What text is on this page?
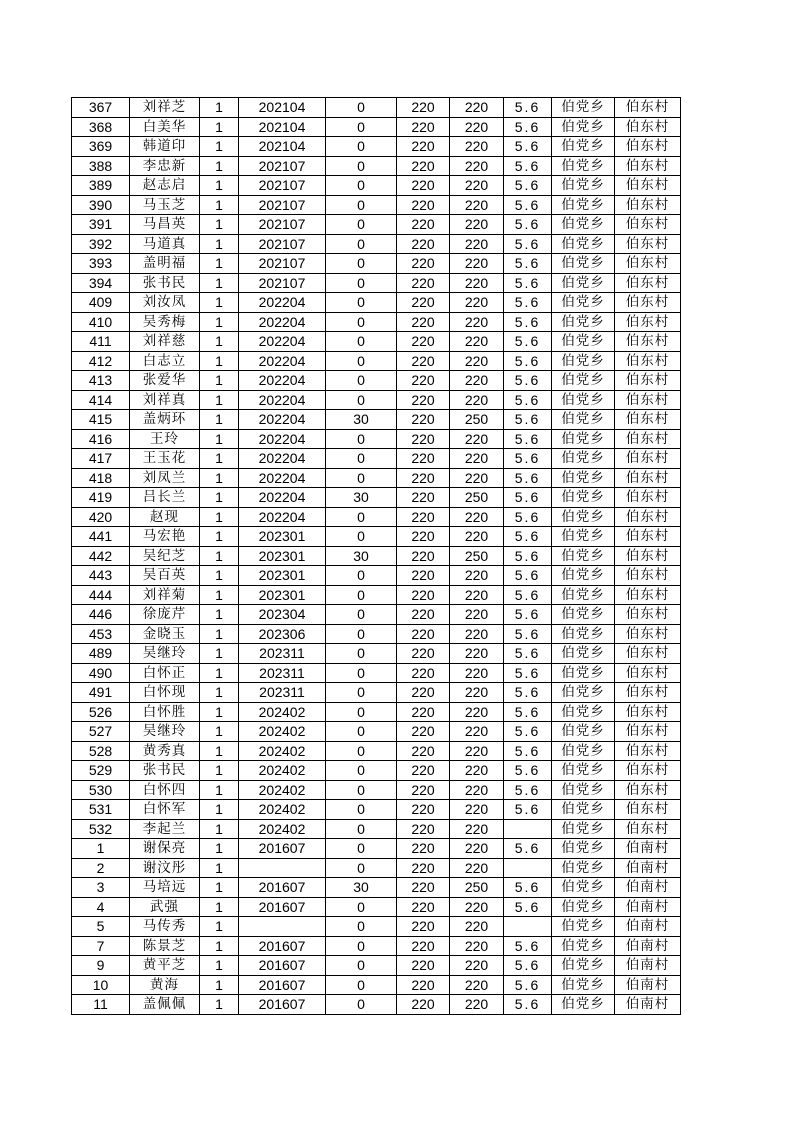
367	刘祥芝	1	202104	0	220	220	5.6	伯党乡	伯东村
368	白美华	1	202104	0	220	220	5.6	伯党乡	伯东村
369	韩道印	1	202104	0	220	220	5.6	伯党乡	伯东村
388	李忠新	1	202107	0	220	220	5.6	伯党乡	伯东村
389	赵志启	1	202107	0	220	220	5.6	伯党乡	伯东村
390	马玉芝	1	202107	0	220	220	5.6	伯党乡	伯东村
391	马昌英	1	202107	0	220	220	5.6	伯党乡	伯东村
392	马道真	1	202107	0	220	220	5.6	伯党乡	伯东村
393	盖明福	1	202107	0	220	220	5.6	伯党乡	伯东村
394	张书民	1	202107	0	220	220	5.6	伯党乡	伯东村
409	刘汝凤	1	202204	0	220	220	5.6	伯党乡	伯东村
410	吴秀梅	1	202204	0	220	220	5.6	伯党乡	伯东村
411	刘祥慈	1	202204	0	220	220	5.6	伯党乡	伯东村
412	白志立	1	202204	0	220	220	5.6	伯党乡	伯东村
413	张爱华	1	202204	0	220	220	5.6	伯党乡	伯东村
414	刘祥真	1	202204	0	220	220	5.6	伯党乡	伯东村
415	盖炳环	1	202204	30	220	250	5.6	伯党乡	伯东村
416	王玲	1	202204	0	220	220	5.6	伯党乡	伯东村
417	王玉花	1	202204	0	220	220	5.6	伯党乡	伯东村
418	刘凤兰	1	202204	0	220	220	5.6	伯党乡	伯东村
419	吕长兰	1	202204	30	220	250	5.6	伯党乡	伯东村
420	赵现	1	202204	0	220	220	5.6	伯党乡	伯东村
441	马宏艳	1	202301	0	220	220	5.6	伯党乡	伯东村
442	吴纪芝	1	202301	30	220	250	5.6	伯党乡	伯东村
443	吴百英	1	202301	0	220	220	5.6	伯党乡	伯东村
444	刘祥菊	1	202301	0	220	220	5.6	伯党乡	伯东村
446	徐庞芹	1	202304	0	220	220	5.6	伯党乡	伯东村
453	金晓玉	1	202306	0	220	220	5.6	伯党乡	伯东村
489	吴继玲	1	202311	0	220	220	5.6	伯党乡	伯东村
490	白怀正	1	202311	0	220	220	5.6	伯党乡	伯东村
491	白怀现	1	202311	0	220	220	5.6	伯党乡	伯东村
526	白怀胜	1	202402	0	220	220	5.6	伯党乡	伯东村
527	吴继玲	1	202402	0	220	220	5.6	伯党乡	伯东村
528	黄秀真	1	202402	0	220	220	5.6	伯党乡	伯东村
529	张书民	1	202402	0	220	220	5.6	伯党乡	伯东村
530	白怀四	1	202402	0	220	220	5.6	伯党乡	伯东村
531	白怀军	1	202402	0	220	220	5.6	伯党乡	伯东村
532	李起兰	1	202402	0	220	220		伯党乡	伯东村
1	谢保亮	1	201607	0	220	220	5.6	伯党乡	伯南村
2	谢汶彤	1		0	220	220		伯党乡	伯南村
3	马培远	1	201607	30	220	250	5.6	伯党乡	伯南村
4	武强	1	201607	0	220	220	5.6	伯党乡	伯南村
5	马传秀	1		0	220	220		伯党乡	伯南村
7	陈景芝	1	201607	0	220	220	5.6	伯党乡	伯南村
9	黄平芝	1	201607	0	220	220	5.6	伯党乡	伯南村
10	黄海	1	201607	0	220	220	5.6	伯党乡	伯南村
11	盖佩佩	1	201607	0	220	220	5.6	伯党乡	伯南村
